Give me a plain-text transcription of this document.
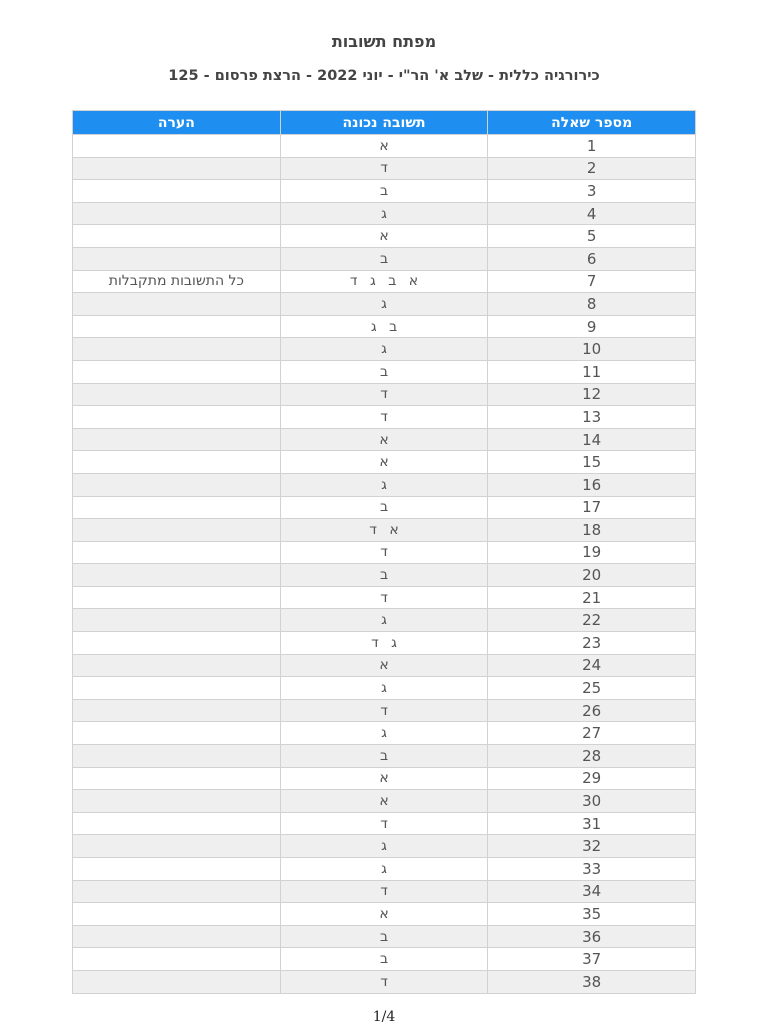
מפתח תשובות
כירורגיה כללית - שלב א' הר"י - יוני 2022 - הרצת פרסום - 125
מספר שאלה	תשובה נכונה	הערה
1	א	
2	ד	
3	ב	
4	ג	
5	א	
6	ב	
7	א ב ג ד	כל התשובות מתקבלות
8	ג	
9	ב ג	
10	ג	
11	ב	
12	ד	
13	ד	
14	א	
15	א	
16	ג	
17	ב	
18	א ד	
19	ד	
20	ב	
21	ד	
22	ג	
23	ג ד	
24	א	
25	ג	
26	ד	
27	ג	
28	ב	
29	א	
30	א	
31	ד	
32	ג	
33	ג	
34	ד	
35	א	
36	ב	
37	ב	
38	ד	
1/4
